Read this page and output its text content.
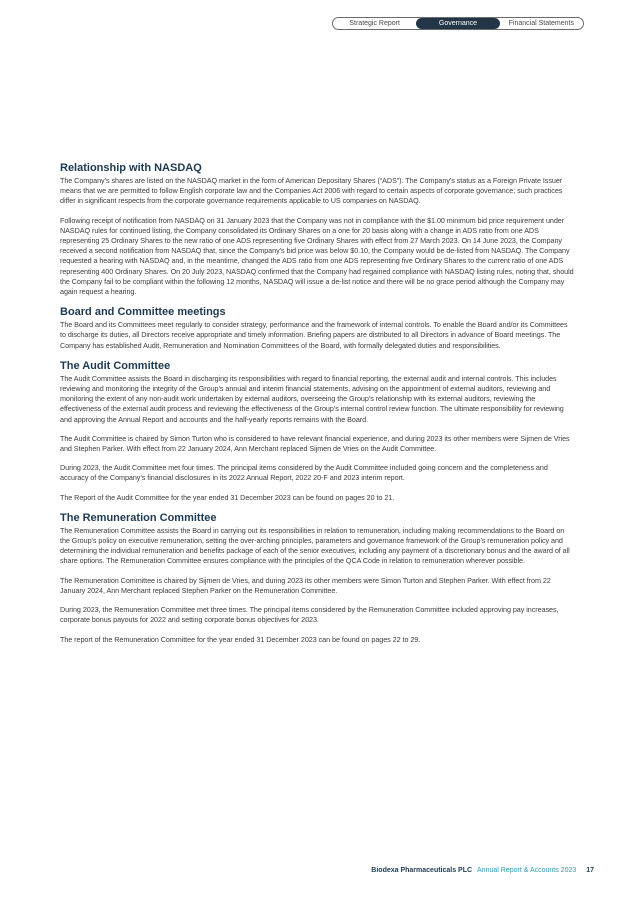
Strategic Report	Governance	Financial Statements
Relationship with NASDAQ

The Company’s shares are listed on the NASDAQ market in the form of American Depositary Shares (“ADS”). The Company’s status as a Foreign Private Issuer means that we are permitted to follow English corporate law and the Companies Act 2006 with regard to certain aspects of corporate governance; such practices differ in significant respects from the corporate governance requirements applicable to US companies on NASDAQ.

Following receipt of notification from NASDAQ on 31 January 2023 that the Company was not in compliance with the $1.00 minimum bid price requirement under NASDAQ rules for continued listing, the Company consolidated its Ordinary Shares on a one for 20 basis along with a change in ADS ratio from one ADS representing 25 Ordinary Shares to the new ratio of one ADS representing five Ordinary Shares with effect from 27 March 2023. On 14 June 2023, the Company received a second notification from NASDAQ that, since the Company’s bid price was below $0.10, the Company would be de-listed from NASDAQ. The Company requested a hearing with NASDAQ and, in the meantime, changed the ADS ratio from one ADS representing five Ordinary Shares to the current ratio of one ADS representing 400 Ordinary Shares. On 20 July 2023, NASDAQ confirmed that the Company had regained compliance with NASDAQ listing rules, noting that, should the Company fail to be compliant within the following 12 months, NASDAQ will issue a de-list notice and there will be no grace period although the Company may again request a hearing.

Board and Committee meetings

The Board and its Committees meet regularly to consider strategy, performance and the framework of internal controls. To enable the Board and/or its Committees to discharge its duties, all Directors receive appropriate and timely information. Briefing papers are distributed to all Directors in advance of Board meetings. The Company has established Audit, Remuneration and Nomination Committees of the Board, with formally delegated duties and responsibilities.

The Audit Committee

The Audit Committee assists the Board in discharging its responsibilities with regard to financial reporting, the external audit and internal controls. This includes reviewing and monitoring the integrity of the Group’s annual and interim financial statements, advising on the appointment of external auditors, reviewing and monitoring the extent of any non-audit work undertaken by external auditors, overseeing the Group’s relationship with its external auditors, reviewing the effectiveness of the external audit process and reviewing the effectiveness of the Group’s internal control review function. The ultimate responsibility for reviewing and approving the Annual Report and accounts and the half-yearly reports remains with the Board.

The Audit Committee is chaired by Simon Turton who is considered to have relevant financial experience, and during 2023 its other members were Sijmen de Vries and Stephen Parker. With effect from 22 January 2024, Ann Merchant replaced Sijmen de Vries on the Audit Committee.

During 2023, the Audit Committee met four times. The principal items considered by the Audit Committee included going concern and the completeness and accuracy of the Company’s financial disclosures in its 2022 Annual Report, 2022 20-F and 2023 interim report.

The Report of the Audit Committee for the year ended 31 December 2023 can be found on pages 20 to 21.

The Remuneration Committee

The Remuneration Committee assists the Board in carrying out its responsibilities in relation to remuneration, including making recommendations to the Board on the Group’s policy on executive remuneration, setting the over-arching principles, parameters and governance framework of the Group’s remuneration policy and determining the individual remuneration and benefits package of each of the senior executives, including any payment of a discretionary bonus and the award of all share options. The Remuneration Committee ensures compliance with the principles of the QCA Code in relation to remuneration wherever possible.

The Remuneration Committee is chaired by Sijmen de Vries, and during 2023 its other members were Simon Turton and Stephen Parker. With effect from 22 January 2024, Ann Merchant replaced Stephen Parker on the Remuneration Committee.

During 2023, the Remuneration Committee met three times. The principal items considered by the Remuneration Committee included approving pay increases, corporate bonus payouts for 2022 and setting corporate bonus objectives for 2023.

The report of the Remuneration Committee for the year ended 31 December 2023 can be found on pages 22 to 29.

Biodexa Pharmaceuticals PLC Annual Report & Accounts 2023 17
